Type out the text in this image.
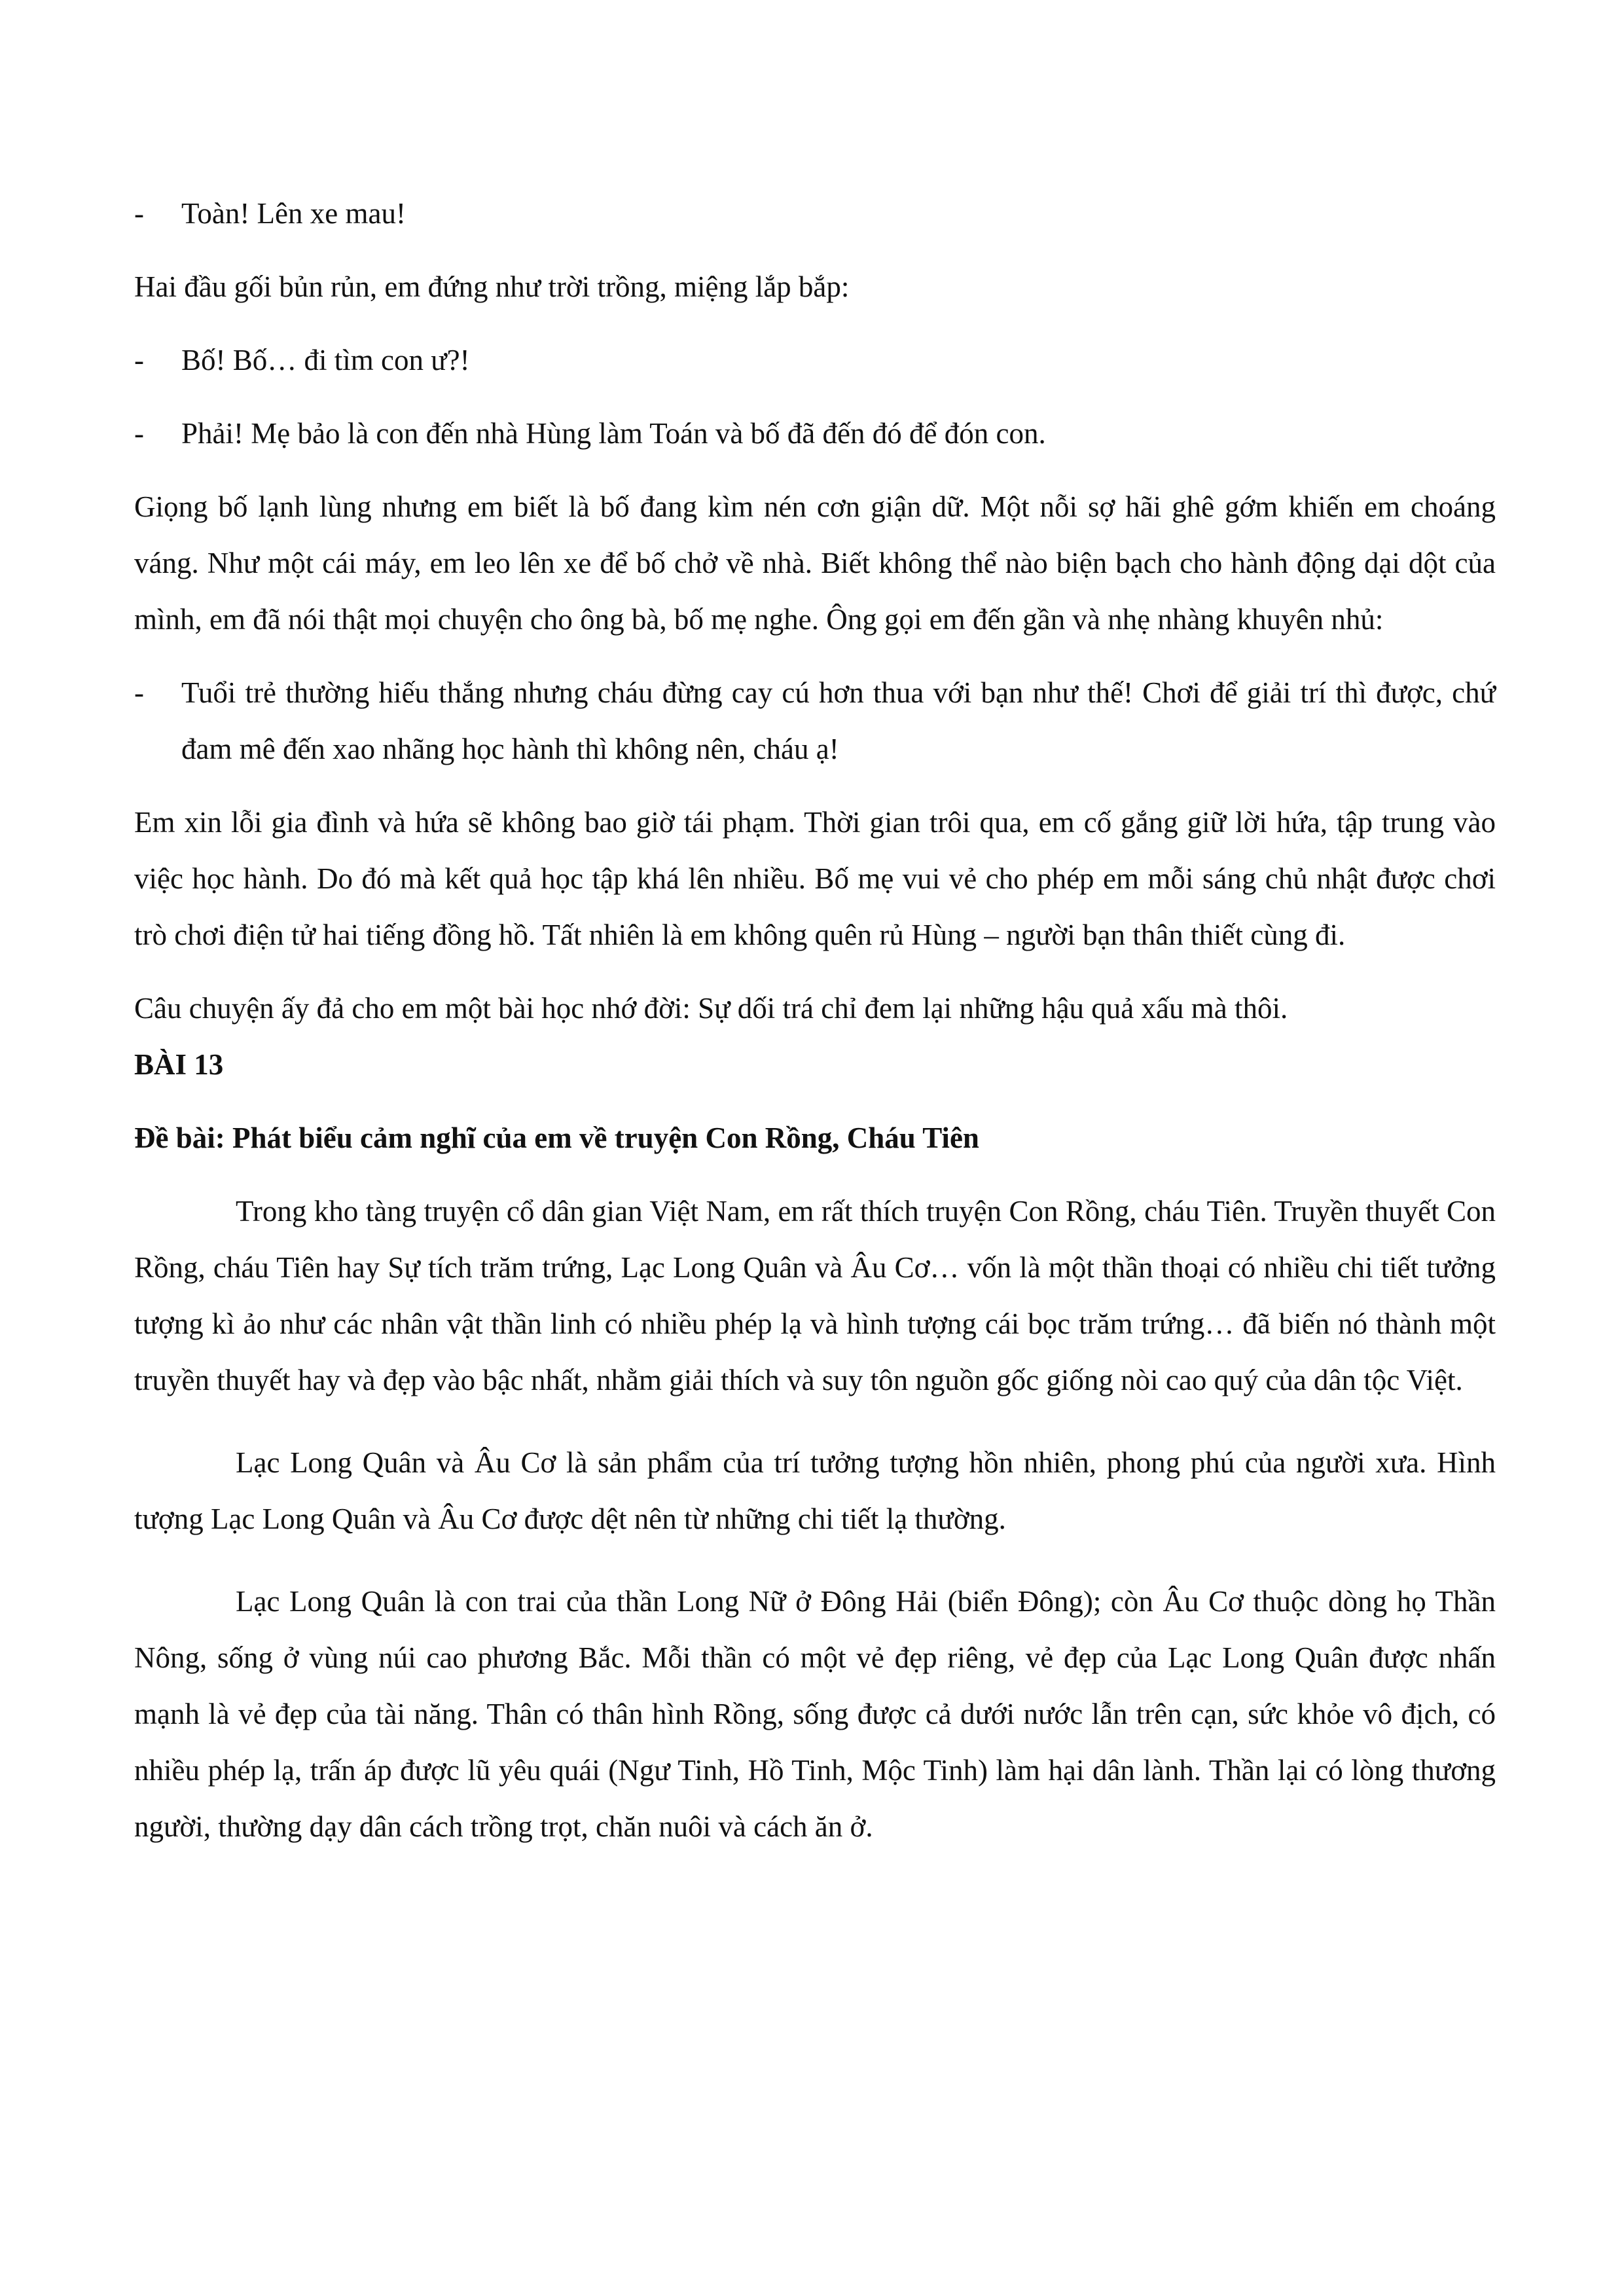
-	Toàn! Lên xe mau!

Hai đầu gối bủn rủn, em đứng như trời trồng, miệng lắp bắp:

-	Bố! Bố… đi tìm con ư?!
-	Phải! Mẹ bảo là con đến nhà Hùng làm Toán và bố đã đến đó để đón con.

Giọng bố lạnh lùng nhưng em biết là bố đang kìm nén cơn giận dữ. Một nỗi sợ hãi ghê gớm khiến em choáng váng. Như một cái máy, em leo lên xe để bố chở về nhà. Biết không thể nào biện bạch cho hành động dại dột của mình, em đã nói thật mọi chuyện cho ông bà, bố mẹ nghe. Ông gọi em đến gần và nhẹ nhàng khuyên nhủ:

-	Tuổi trẻ thường hiếu thắng nhưng cháu đừng cay cú hơn thua với bạn như thế! Chơi để giải trí thì được, chứ đam mê đến xao nhãng học hành thì không nên, cháu ạ!

Em xin lỗi gia đình và hứa sẽ không bao giờ tái phạm. Thời gian trôi qua, em cố gắng giữ lời hứa, tập trung vào việc học hành. Do đó mà kết quả học tập khá lên nhiều. Bố mẹ vui vẻ cho phép em mỗi sáng chủ nhật được chơi trò chơi điện tử hai tiếng đồng hồ. Tất nhiên là em không quên rủ Hùng – người bạn thân thiết cùng đi.

Câu chuyện ấy đả cho em một bài học nhớ đời: Sự dối trá chỉ đem lại những hậu quả xấu mà thôi.

BÀI 13

Đề bài: Phát biểu cảm nghĩ của em về truyện Con Rồng, Cháu Tiên

Trong kho tàng truyện cổ dân gian Việt Nam, em rất thích truyện Con Rồng, cháu Tiên. Truyền thuyết Con Rồng, cháu Tiên hay Sự tích trăm trứng, Lạc Long Quân và Âu Cơ… vốn là một thần thoại có nhiều chi tiết tưởng tượng kì ảo như các nhân vật thần linh có nhiều phép lạ và hình tượng cái bọc trăm trứng… đã biến nó thành một truyền thuyết hay và đẹp vào bậc nhất, nhằm giải thích và suy tôn nguồn gốc giống nòi cao quý của dân tộc Việt.

Lạc Long Quân và Âu Cơ là sản phẩm của trí tưởng tượng hồn nhiên, phong phú của người xưa. Hình tượng Lạc Long Quân và Âu Cơ được dệt nên từ những chi tiết lạ thường.

Lạc Long Quân là con trai của thần Long Nữ ở Đông Hải (biển Đông); còn Âu Cơ thuộc dòng họ Thần Nông, sống ở vùng núi cao phương Bắc. Mỗi thần có một vẻ đẹp riêng, vẻ đẹp của Lạc Long Quân được nhấn mạnh là vẻ đẹp của tài năng. Thân có thân hình Rồng, sống được cả dưới nước lẫn trên cạn, sức khỏe vô địch, có nhiều phép lạ, trấn áp được lũ yêu quái (Ngư Tinh, Hồ Tinh, Mộc Tinh) làm hại dân lành. Thần lại có lòng thương người, thường dạy dân cách trồng trọt, chăn nuôi và cách ăn ở.
